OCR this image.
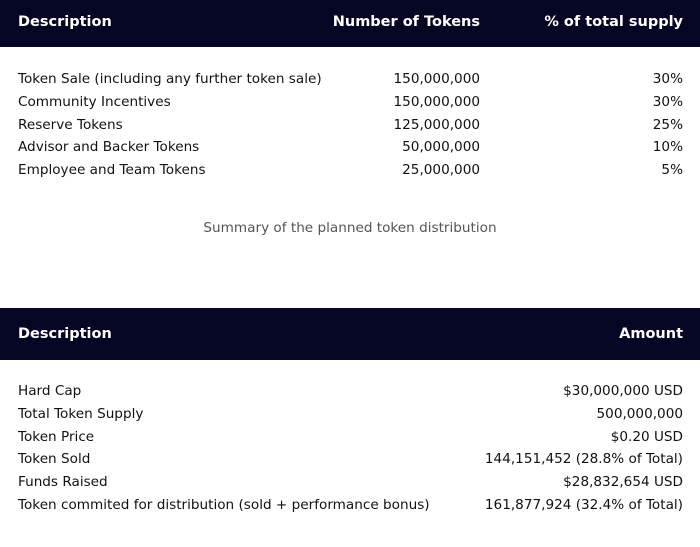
Description	Number of Tokens	% of total supply
Token Sale (including any further token sale)	150,000,000	30%
Community Incentives	150,000,000	30%
Reserve Tokens	125,000,000	25%
Advisor and Backer Tokens	50,000,000	10%
Employee and Team Tokens	25,000,000	5%
Summary of the planned token distribution
Description	Amount
Hard Cap	$30,000,000 USD
Total Token Supply	500,000,000
Token Price	$0.20 USD
Token Sold	144,151,452 (28.8% of Total)
Funds Raised	$28,832,654 USD
Token commited for distribution (sold + performance bonus)	161,877,924 (32.4% of Total)
